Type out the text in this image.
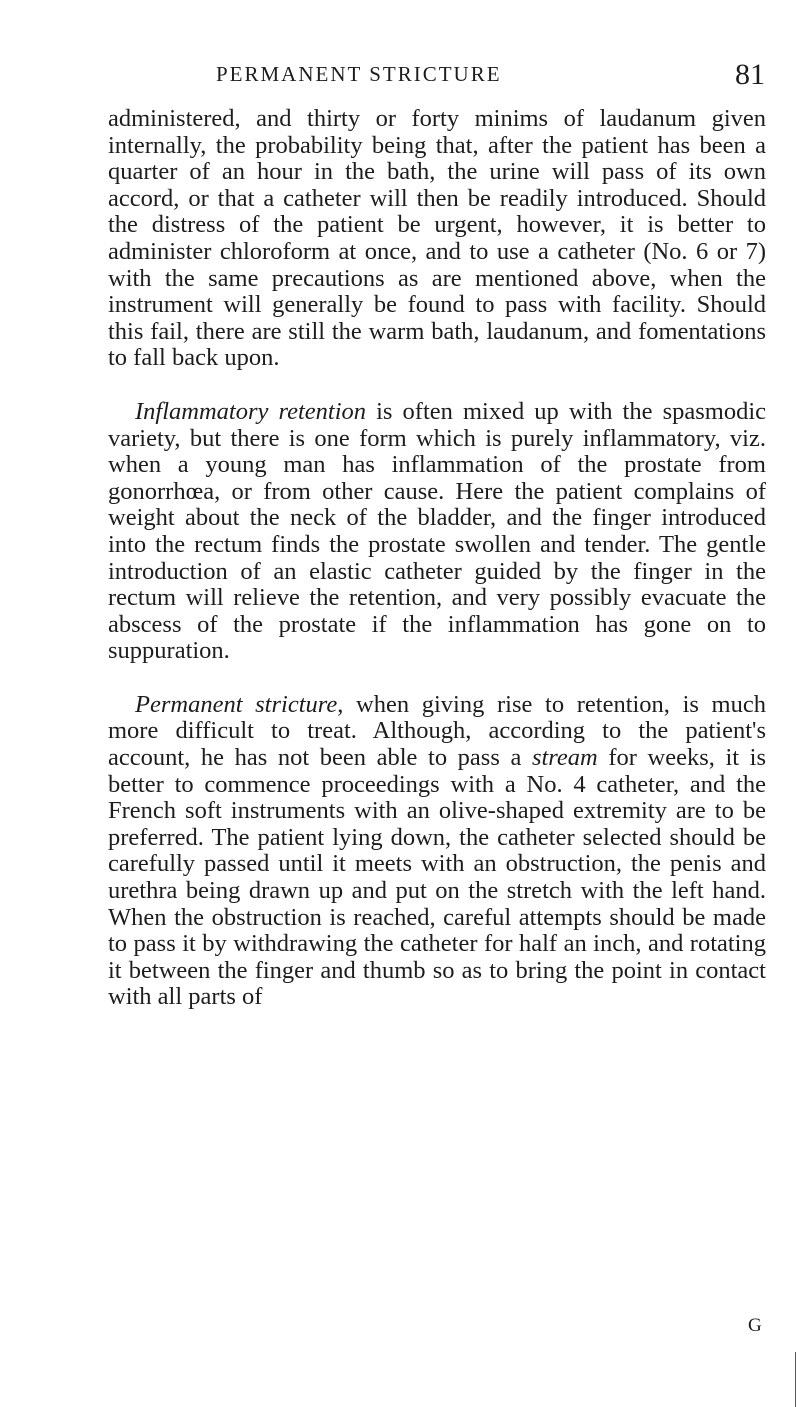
PERMANENT STRICTURE	81

administered, and thirty or forty minims of laudanum given internally, the probability being that, after the patient has been a quarter of an hour in the bath, the urine will pass of its own accord, or that a catheter will then be readily introduced. Should the distress of the patient be urgent, however, it is better to administer chloroform at once, and to use a catheter (No. 6 or 7) with the same precautions as are mentioned above, when the instrument will generally be found to pass with facility. Should this fail, there are still the warm bath, laudanum, and fomentations to fall back upon.

Inflammatory retention is often mixed up with the spasmodic variety, but there is one form which is purely inflammatory, viz. when a young man has inflammation of the prostate from gonorrhœa, or from other cause. Here the patient complains of weight about the neck of the bladder, and the finger introduced into the rectum finds the prostate swollen and tender. The gentle introduction of an elastic catheter guided by the finger in the rectum will relieve the retention, and very possibly evacuate the abscess of the prostate if the inflammation has gone on to suppuration.

Permanent stricture, when giving rise to retention, is much more difficult to treat. Although, according to the patient's account, he has not been able to pass a stream for weeks, it is better to commence proceedings with a No. 4 catheter, and the French soft instruments with an olive-shaped extremity are to be preferred. The patient lying down, the catheter selected should be carefully passed until it meets with an obstruction, the penis and urethra being drawn up and put on the stretch with the left hand. When the obstruction is reached, careful attempts should be made to pass it by withdrawing the catheter for half an inch, and rotating it between the finger and thumb so as to bring the point in contact with all parts of

G
